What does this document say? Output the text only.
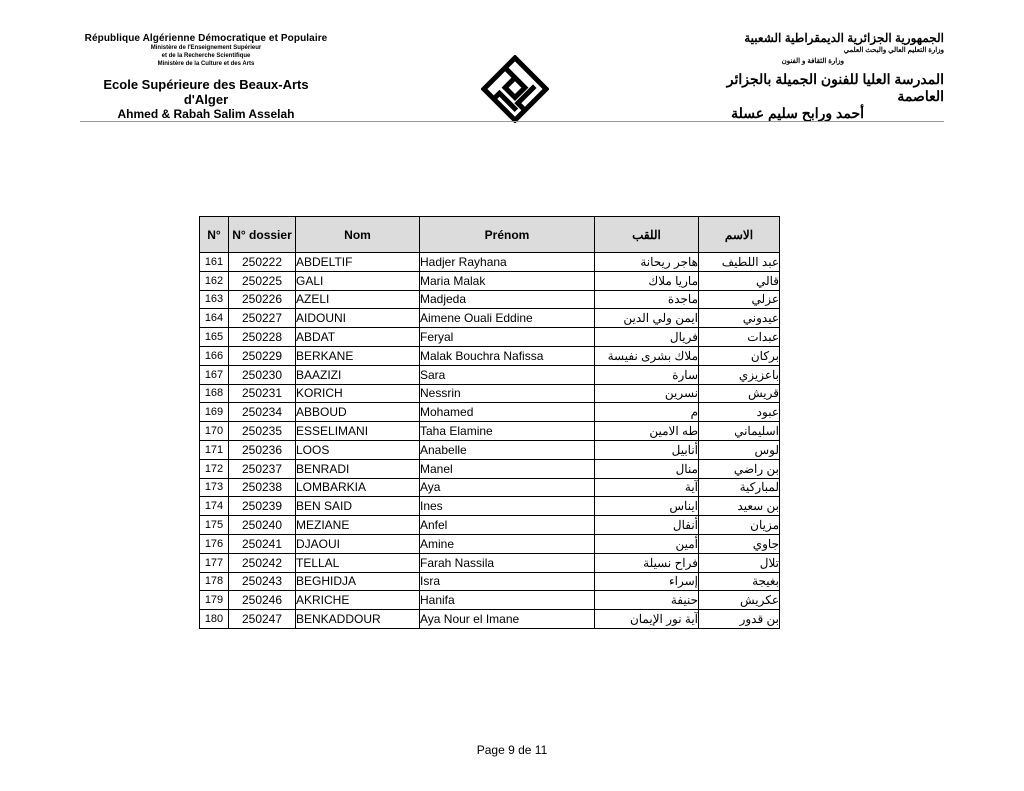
République Algérienne Démocratique et Populaire
Ministère de l'Enseignement Supérieur
et de la Recherche Scientifique
Ministère de la Culture et des Arts
Ecole Supérieure des Beaux-Arts d'Alger
Ahmed & Rabah Salim Asselah
الجمهورية الجزائرية الديمقراطية الشعبية
وزارة التعليم العالي والبحث العلمي
وزارة الثقافة و الفنون
المدرسة العليا للفنون الجميلة بالجزائر العاصمة
أحمد ورابح سليم عسلة
N°	N° dossier	Nom	Prénom	اللقب	الاسم
161	250222	ABDELTIF	Hadjer Rayhana	هاجر ريحانة	عبد اللطيف
162	250225	GALI	Maria Malak	ماريا ملاك	قالي
163	250226	AZELI	Madjeda	ماجدة	عزلي
164	250227	AIDOUNI	Aimene Ouali Eddine	ايمن ولي الدين	عيدوني
165	250228	ABDAT	Feryal	فريال	عبدات
166	250229	BERKANE	Malak Bouchra Nafissa	ملاك بشرى نفيسة	بركان
167	250230	BAAZIZI	Sara	سارة	باعزيزي
168	250231	KORICH	Nessrin	نسرين	قريش
169	250234	ABBOUD	Mohamed	م	عبود
170	250235	ESSELIMANI	Taha Elamine	طه الامين	اسليماني
171	250236	LOOS	Anabelle	أنابيل	لوس
172	250237	BENRADI	Manel	منال	بن راضي
173	250238	LOMBARKIA	Aya	آية	لمباركية
174	250239	BEN SAID	Ines	ايناس	بن سعيد
175	250240	MEZIANE	Anfel	أنفال	مزيان
176	250241	DJAOUI	Amine	أمين	جاوي
177	250242	TELLAL	Farah Nassila	فراح نسيلة	تلال
178	250243	BEGHIDJA	Isra	إسراء	بغيجة
179	250246	AKRICHE	Hanifa	حنيفة	عكريش
180	250247	BENKADDOUR	Aya Nour el Imane	آية نور الإيمان	بن قدور
Page 9 de 11
